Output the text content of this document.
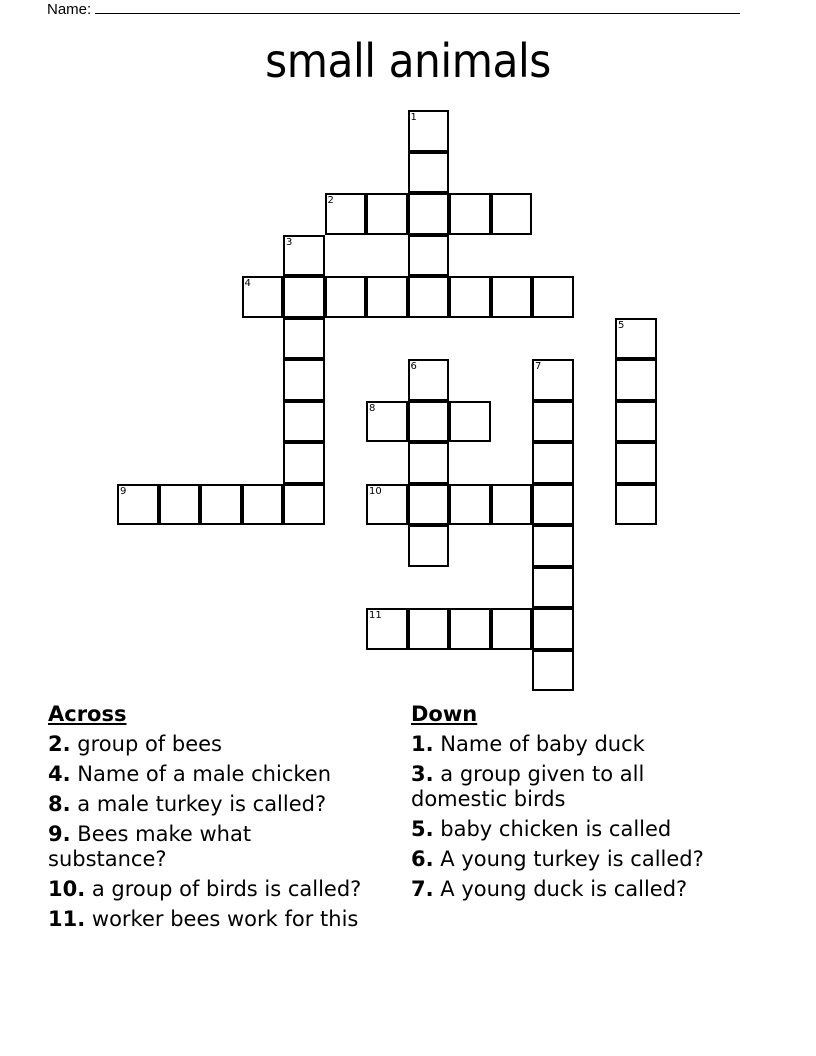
Name:
small animals
1
2
3
4
5
6	7
8
9	10
11
Across
2. group of bees
4. Name of a male chicken
8. a male turkey is called?
9. Bees make what substance?
10. a group of birds is called?
11. worker bees work for this
Down
1. Name of baby duck
3. a group given to all domestic birds
5. baby chicken is called
6. A young turkey is called?
7. A young duck is called?
